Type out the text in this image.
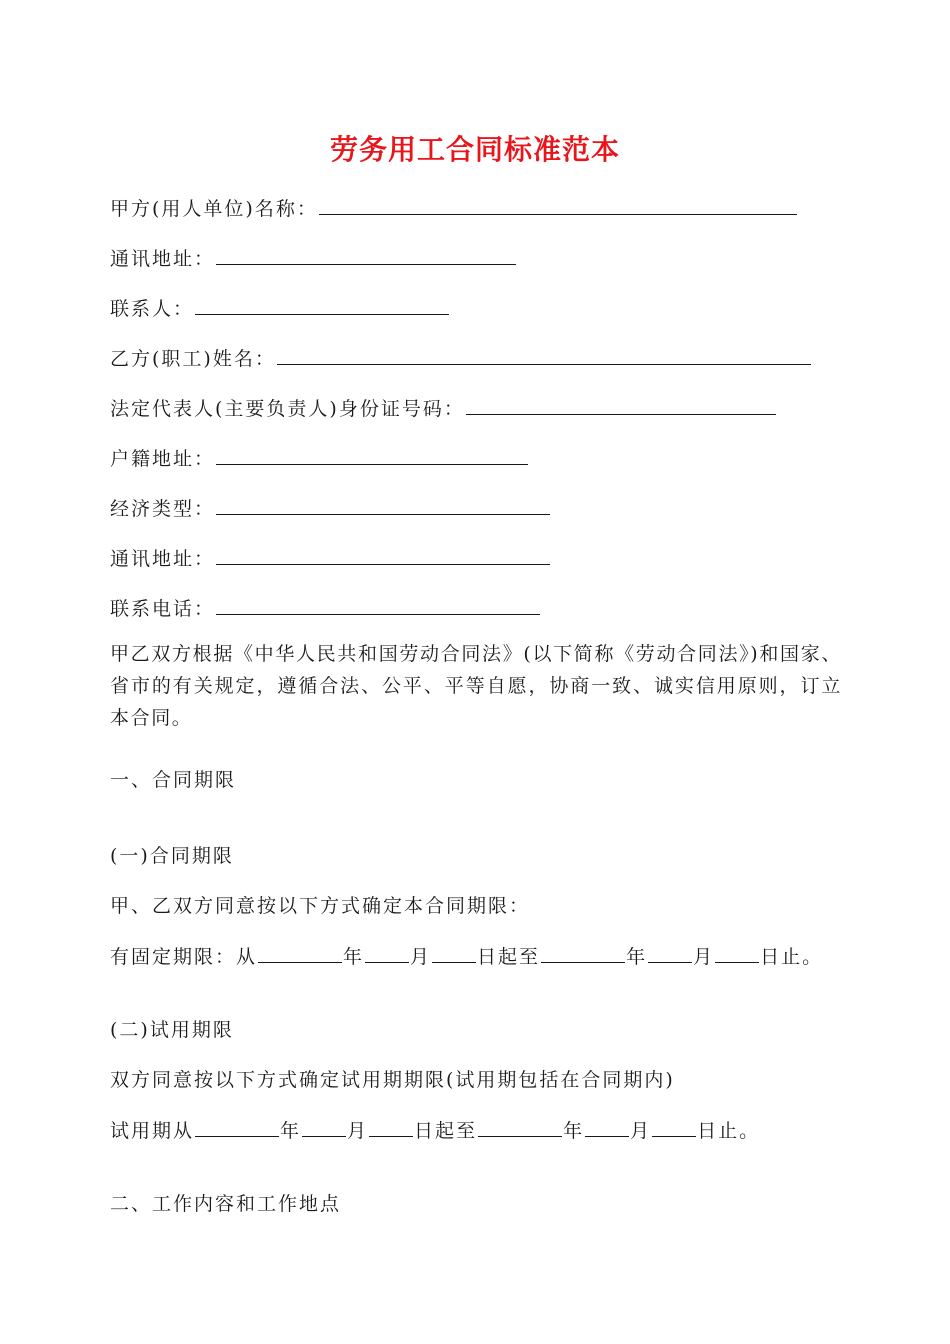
劳务用工合同标准范本
甲方(用人单位)名称：
通讯地址：
联系人：
乙方(职工)姓名：
法定代表人(主要负责人)身份证号码：
户籍地址：
经济类型：
通讯地址：
联系电话：
甲乙双方根据《中华人民共和国劳动合同法》(以下简称《劳动合同法》)和国家、省市的有关规定，遵循合法、公平、平等自愿，协商一致、诚实信用原则，订立本合同。
一、合同期限
(一)合同期限
甲、乙双方同意按以下方式确定本合同期限：
有固定期限：从	年 月 日起至	年 月 日止。
(二)试用期限
双方同意按以下方式确定试用期期限(试用期包括在合同期内)
试用期从	年 月 日起至	年 月 日止。
二、工作内容和工作地点
